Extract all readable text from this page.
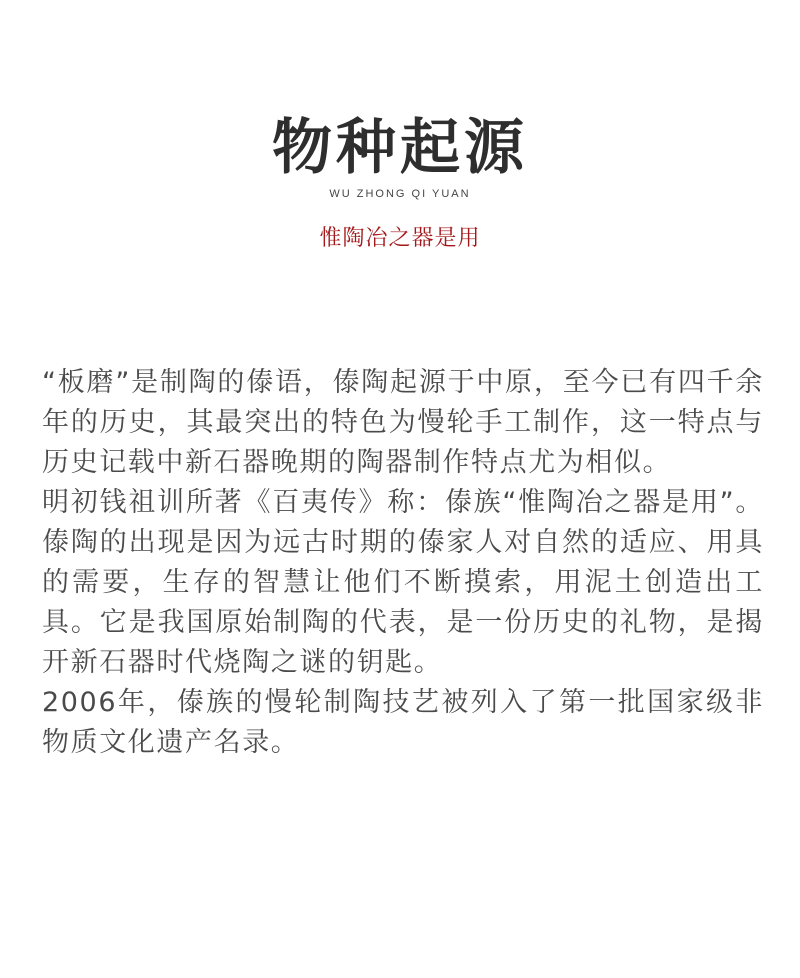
物种起源
WU ZHONG QI YUAN
惟陶冶之器是用

“板磨”是制陶的傣语，傣陶起源于中原，至今已有四千余年的历史，其最突出的特色为慢轮手工制作，这一特点与历史记载中新石器晚期的陶器制作特点尤为相似。

明初钱祖训所著《百夷传》称：傣族“惟陶冶之器是用”。傣陶的出现是因为远古时期的傣家人对自然的适应、用具的需要，生存的智慧让他们不断摸索，用泥土创造出工具。它是我国原始制陶的代表，是一份历史的礼物，是揭开新石器时代烧陶之谜的钥匙。

2006年，傣族的慢轮制陶技艺被列入了第一批国家级非物质文化遗产名录。
